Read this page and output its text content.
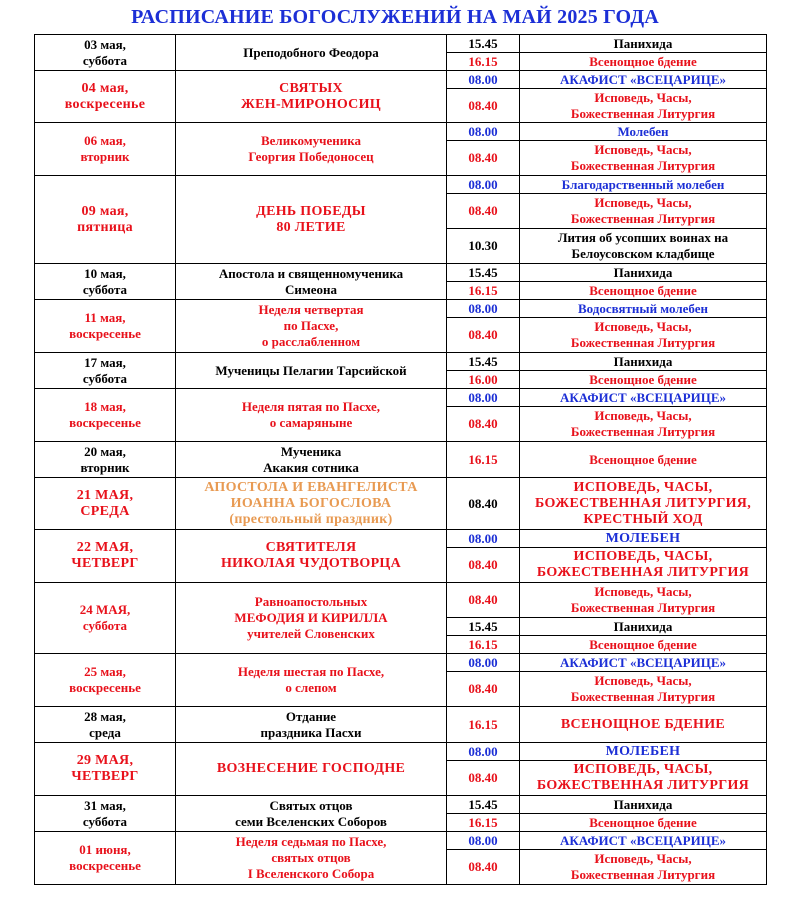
РАСПИСАНИЕ БОГОСЛУЖЕНИЙ НА МАЙ 2025 ГОДА
03 мая,
суббота	Преподобного Феодора	15.45	Панихида

		16.15	Всенощное бдение

04 мая,
воскресенье	СВЯТЫХ
ЖЕН-МИРОНОСИЦ	08.00	АКАФИСТ «ВСЕЦАРИЦЕ»

		08.40	Исповедь, Часы,
Божественная Литургия

06 мая,
вторник	Великомученика
Георгия Победоносец	08.00	Молебен

		08.40	Исповедь, Часы,
Божественная Литургия

09 мая,
пятница	ДЕНЬ ПОБЕДЫ
80 ЛЕТИЕ	08.00	Благодарственный молебен

		08.40	Исповедь, Часы,
Божественная Литургия

		10.30	Лития об усопших воинах на
Белоусовском кладбище

10 мая,
суббота	Апостола и священномученика
Симеона	15.45	Панихида

		16.15	Всенощное бдение

11 мая,
воскресенье	Неделя четвертая
по Пасхе,
о расслабленном	08.00	Водосвятный молебен

		08.40	Исповедь, Часы,
Божественная Литургия

17 мая,
суббота	Мученицы Пелагии Тарсийской	15.45	Панихида

		16.00	Всенощное бдение

18 мая,
воскресенье	Неделя пятая по Пасхе,
о самаряныне	08.00	АКАФИСТ «ВСЕЦАРИЦЕ»

		08.40	Исповедь, Часы,
Божественная Литургия

20 мая,
вторник	Мученика
Акакия сотника	16.15	Всенощное бдение

21 МАЯ,
СРЕДА	АПОСТОЛА И ЕВАНГЕЛИСТА
ИОАННА БОГОСЛОВА
(престольный праздник)	08.40	ИСПОВЕДЬ, ЧАСЫ,
БОЖЕСТВЕННАЯ ЛИТУРГИЯ,
КРЕСТНЫЙ ХОД

22 МАЯ,
ЧЕТВЕРГ	СВЯТИТЕЛЯ
НИКОЛАЯ ЧУДОТВОРЦА	08.00	МОЛЕБЕН

		08.40	ИСПОВЕДЬ, ЧАСЫ,
БОЖЕСТВЕННАЯ ЛИТУРГИЯ

24 МАЯ,
суббота	Равноапостольных
МЕФОДИЯ И КИРИЛЛА
учителей Словенских	08.40	Исповедь, Часы,
Божественная Литургия

		15.45	Панихида

		16.15	Всенощное бдение

25 мая,
воскресенье	Неделя шестая по Пасхе,
о слепом	08.00	АКАФИСТ «ВСЕЦАРИЦЕ»

		08.40	Исповедь, Часы,
Божественная Литургия

28 мая,
среда	Отдание
праздника Пасхи	16.15	ВСЕНОЩНОЕ БДЕНИЕ

29 МАЯ,
ЧЕТВЕРГ	ВОЗНЕСЕНИЕ ГОСПОДНЕ	08.00	МОЛЕБЕН

		08.40	ИСПОВЕДЬ, ЧАСЫ,
БОЖЕСТВЕННАЯ ЛИТУРГИЯ

31 мая,
суббота	Святых отцов
семи Вселенских Соборов	15.45	Панихида

		16.15	Всенощное бдение

01 июня,
воскресенье	Неделя седьмая по Пасхе,
святых отцов
I Вселенского Собора	08.00	АКАФИСТ «ВСЕЦАРИЦЕ»

		08.40	Исповедь, Часы,
Божественная Литургия
